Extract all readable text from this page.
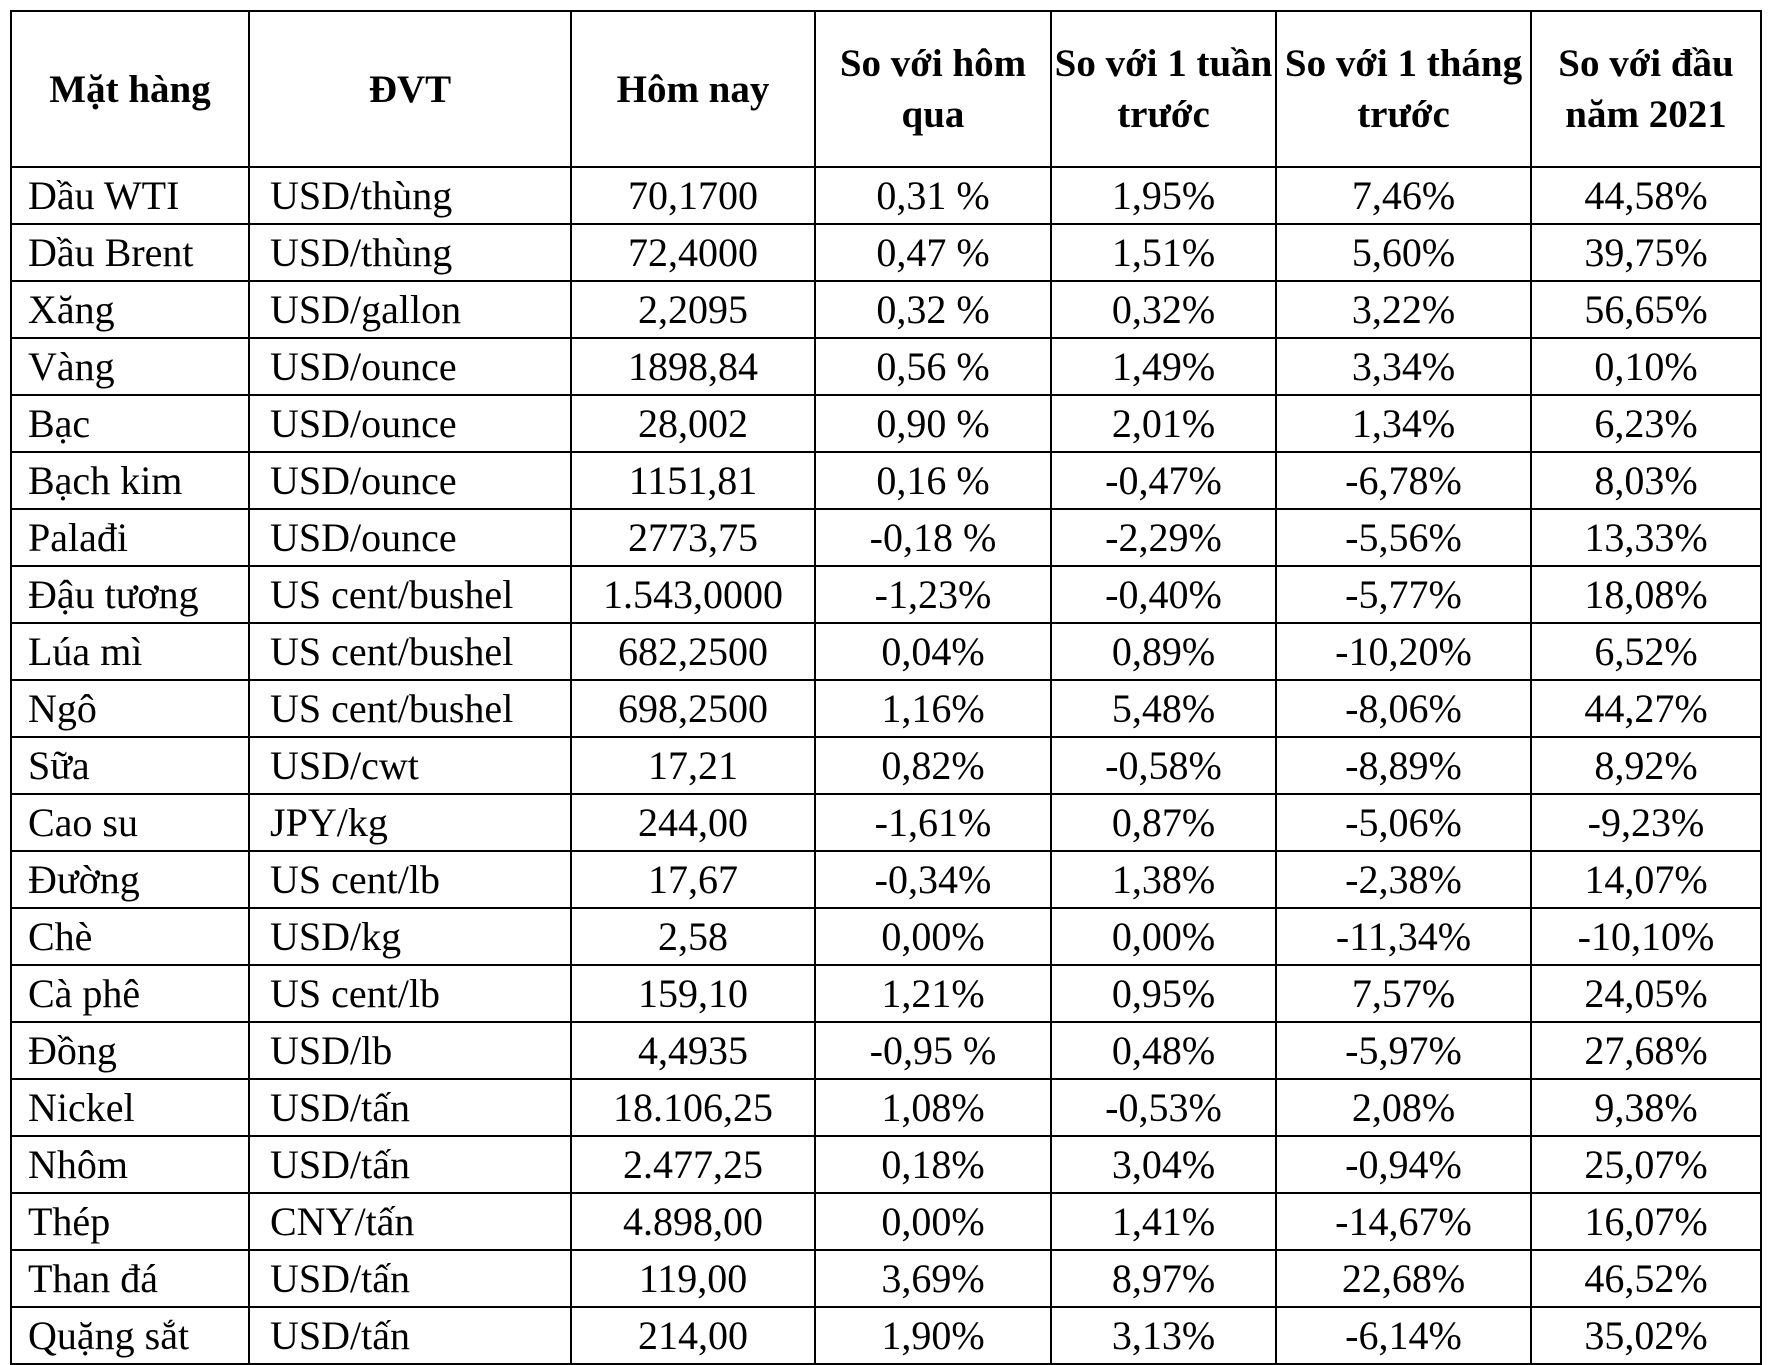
Mặt hàng	ĐVT	Hôm nay	So với hôm qua	So với 1 tuần trước	So với 1 tháng trước	So với đầu năm 2021
Dầu WTI	USD/thùng	70,1700	0,31 %	1,95%	7,46%	44,58%
Dầu Brent	USD/thùng	72,4000	0,47 %	1,51%	5,60%	39,75%
Xăng	USD/gallon	2,2095	0,32 %	0,32%	3,22%	56,65%
Vàng	USD/ounce	1898,84	0,56 %	1,49%	3,34%	0,10%
Bạc	USD/ounce	28,002	0,90 %	2,01%	1,34%	6,23%
Bạch kim	USD/ounce	1151,81	0,16 %	-0,47%	-6,78%	8,03%
Palađi	USD/ounce	2773,75	-0,18 %	-2,29%	-5,56%	13,33%
Đậu tương	US cent/bushel	1.543,0000	-1,23%	-0,40%	-5,77%	18,08%
Lúa mì	US cent/bushel	682,2500	0,04%	0,89%	-10,20%	6,52%
Ngô	US cent/bushel	698,2500	1,16%	5,48%	-8,06%	44,27%
Sữa	USD/cwt	17,21	0,82%	-0,58%	-8,89%	8,92%
Cao su	JPY/kg	244,00	-1,61%	0,87%	-5,06%	-9,23%
Đường	US cent/lb	17,67	-0,34%	1,38%	-2,38%	14,07%
Chè	USD/kg	2,58	0,00%	0,00%	-11,34%	-10,10%
Cà phê	US cent/lb	159,10	1,21%	0,95%	7,57%	24,05%
Đồng	USD/lb	4,4935	-0,95 %	0,48%	-5,97%	27,68%
Nickel	USD/tấn	18.106,25	1,08%	-0,53%	2,08%	9,38%
Nhôm	USD/tấn	2.477,25	0,18%	3,04%	-0,94%	25,07%
Thép	CNY/tấn	4.898,00	0,00%	1,41%	-14,67%	16,07%
Than đá	USD/tấn	119,00	3,69%	8,97%	22,68%	46,52%
Quặng sắt	USD/tấn	214,00	1,90%	3,13%	-6,14%	35,02%
